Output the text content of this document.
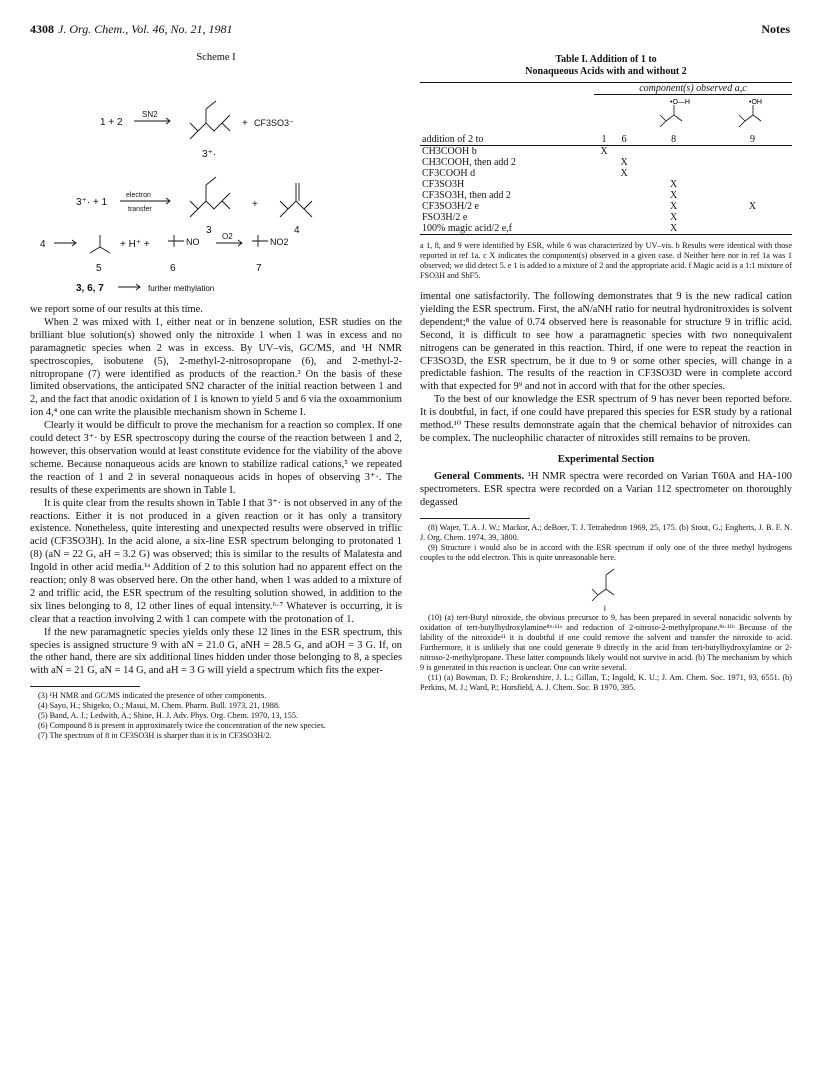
4308 J. Org. Chem., Vol. 46, No. 21, 1981	Notes
Scheme I
1 + 2
SN2
+ CF3SO3⁻
3⁺·
3⁺· + 1
electron
transfer	+
3	4
4	+ H⁺ +	NO
O2
NO2
5	6	7
3, 6, 7	further methylation

we report some of our results at this time.

When 2 was mixed with 1, either neat or in benzene solution, ESR studies on the brilliant blue solution(s) showed only the nitroxide 1 when 1 was in excess and no paramagnetic species when 2 was in excess. By UV–vis, GC/MS, and ¹H NMR spectroscopies, isobutene (5), 2-methyl-2-nitrosopropane (6), and 2-methyl-2-nitropropane (7) were identified as products of the reaction.³ On the basis of these limited observations, the anticipated SN2 character of the initial reaction between 1 and 2, and the fact that anodic oxidation of 1 is known to yield 5 and 6 via the oxoammonium ion 4,⁴ one can write the plausible mechanism shown in Scheme I.

Clearly it would be difficult to prove the mechanism for a reaction so complex. If one could detect 3⁺· by ESR spectroscopy during the course of the reaction between 1 and 2, however, this observation would at least constitute evidence for the viability of the above scheme. Because nonaqueous acids are known to stabilize radical cations,⁵ we repeated the reaction of 1 and 2 in several nonaqueous acids in hopes of observing 3⁺·. The results of these experiments are shown in Table I.

It is quite clear from the results shown in Table I that 3⁺· is not observed in any of the reactions. Either it is not produced in a given reaction or it has only a transitory existence. Nonetheless, quite interesting and unexpected results were observed in triflic acid (CF3SO3H). In the acid alone, a six-line ESR spectrum belonging to protonated 1 (8) (aN = 22 G, aH = 3.2 G) was observed; this is similar to the results of Malatesta and Ingold in other acid media.¹ᵃ Addition of 2 to this solution had no apparent effect on the reaction; only 8 was observed here. On the other hand, when 1 was added to a mixture of 2 and triflic acid, the ESR spectrum of the resulting solution showed, in addition to the six lines belonging to 8, 12 other lines of equal intensity.⁶·⁷ Whatever is occurring, it is clear that a reaction involving 2 with 1 can compete with the protonation of 1.

If the new paramagnetic species yields only these 12 lines in the ESR spectrum, this species is assigned structure 9 with aN = 21.0 G, aNH = 28.5 G, and aOH = 3 G. If, on the other hand, there are six additional lines hidden under those belonging to 8, a species with aN = 21 G, aN = 14 G, and aH = 3 G will yield a spectrum which fits the exper-

(3) ¹H NMR and GC/MS indicated the presence of other components.

(4) Sayo, H.; Shigeko, O.; Masui, M. Chem. Pharm. Bull. 1973, 21, 1988.

(5) Band, A. J.; Ledwith, A.; Shine, H. J. Adv. Phys. Org. Chem. 1970, 13, 155.

(6) Compound 8 is present in approximately twice the concentration of the new species.

(7) The spectrum of 8 in CF3SO3H is sharper than it is in CF3SO3H/2.

Table I. Addition of 1 to
Nonaqueous Acids with and without 2
	component(s) observed a,c			

•O—H	•OH

addition of 2 to	1	6	8	9
CH3COOH b	X			
CH3COOH, then add 2		X		
CF3COOH d		X		
CF3SO3H			X	
CF3SO3H, then add 2			X	
CF3SO3H/2 e			X	X
FSO3H/2 e			X	
100% magic acid/2 e,f			X	
a 1, 8, and 9 were identified by ESR, while 6 was characterized by UV–vis. b Results were identical with those reported in ref 1a. c X indicates the component(s) observed in a given case. d Neither here nor in ref 1a was 1 observed; we did detect 5. e 1 is added to a mixture of 2 and the appropriate acid. f Magic acid is a 1:1 mixture of FSO3H and SbF5.

imental one satisfactorily. The following demonstrates that 9 is the new radical cation yielding the ESR spectrum. First, the aN/aNH ratio for neutral hydronitroxides is solvent dependent;⁸ the value of 0.74 observed here is reasonable for structure 9 in triflic acid. Second, it is difficult to see how a paramagnetic species with two nonequivalent nitrogens can be generated in this reaction. Third, if one were to repeat the reaction in CF3SO3D, the ESR spectrum, be it due to 9 or some other species, will change in a predictable fashion. The results of the reaction in CF3SO3D were in complete accord with that expected for 9⁹ and not in accord with that for the other species.

To the best of our knowledge the ESR spectrum of 9 has never been reported before. It is doubtful, in fact, if one could have prepared this species for ESR study by a rational method.¹⁰ These results demonstrate again that the chemical behavior of nitroxides can be complex. The nucleophilic character of nitroxides still remains to be proven.

Experimental Section

General Comments. ¹H NMR spectra were recorded on Varian T60A and HA-100 spectrometers. ESR spectra were recorded on a Varian 112 spectrometer on thoroughly degassed

(8) Wajer, T. A. J. W.; Mackor, A.; deBoer, T. J. Tetrahedron 1969, 25, 175. (b) Stout, G.; Engherts, J. B. F. N. J. Org. Chem. 1974, 39, 3800.

(9) Structure i would also be in accord with the ESR spectrum if only one of the three methyl hydrogens couples to the odd electron. This is quite unreasonable here.

i

(10) (a) tert-Butyl nitroxide, the obvious precursor to 9, has been prepared in several nonacidic solvents by oxidation of tert-butylhydroxylamine⁸ᵇ·¹¹ᵃ and reduction of 2-nitroso-2-methylpropane.⁸ᵃ·¹¹ᵇ Because of the lability of the nitroxide¹¹ it is doubtful if one could remove the solvent and transfer the nitroxide to acid. Furthermore, it is unlikely that one could generate 9 directly in the acid from tert-butylhydroxylamine or 2-nitroso-2-methylpropane. These latter compounds likely would not survive in acid. (b) The mechanism by which 9 is generated in this reaction is unclear. One can write several.

(11) (a) Bowman, D. F.; Brokenshire, J. L.; Gillan, T.; Ingold, K. U.; J. Am. Chem. Soc. 1971, 93, 6551. (b) Perkins, M. J.; Ward, P.; Horsfield, A. J. Chem. Soc. B 1970, 395.
